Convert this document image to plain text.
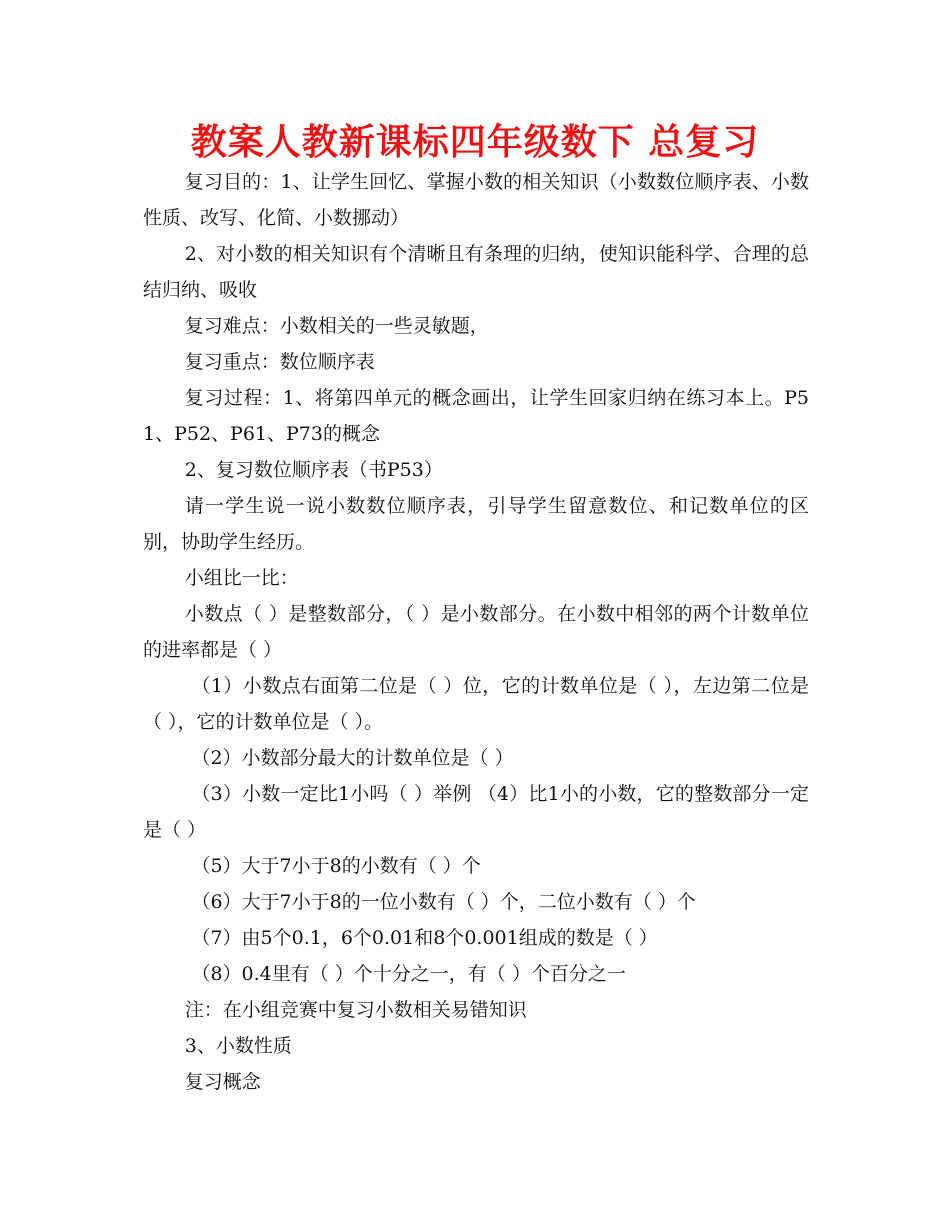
教案人教新课标四年级数下 总复习

复习目的：1、让学生回忆、掌握小数的相关知识（小数数位顺序表、小数性质、改写、化简、小数挪动）

2、对小数的相关知识有个清晰且有条理的归纳，使知识能科学、合理的总结归纳、吸收

复习难点：小数相关的一些灵敏题，

复习重点：数位顺序表

复习过程：1、将第四单元的概念画出，让学生回家归纳在练习本上。P51、P52、P61、P73的概念

2、复习数位顺序表（书P53）

请一学生说一说小数数位顺序表，引导学生留意数位、和记数单位的区别，协助学生经历。

小组比一比：

小数点（ ）是整数部分，（ ）是小数部分。在小数中相邻的两个计数单位的进率都是（ ）

（1）小数点右面第二位是（ ）位，它的计数单位是（ ），左边第二位是（ ），它的计数单位是（ ）。

（2）小数部分最大的计数单位是（ ）

（3）小数一定比1小吗（ ）举例 （4）比1小的小数，它的整数部分一定是（ ）

（5）大于7小于8的小数有（ ）个

（6）大于7小于8的一位小数有（ ）个，二位小数有（ ）个

（7）由5个0.1，6个0.01和8个0.001组成的数是（ ）

（8）0.4里有（ ）个十分之一，有（ ）个百分之一

注：在小组竞赛中复习小数相关易错知识

3、小数性质

复习概念
